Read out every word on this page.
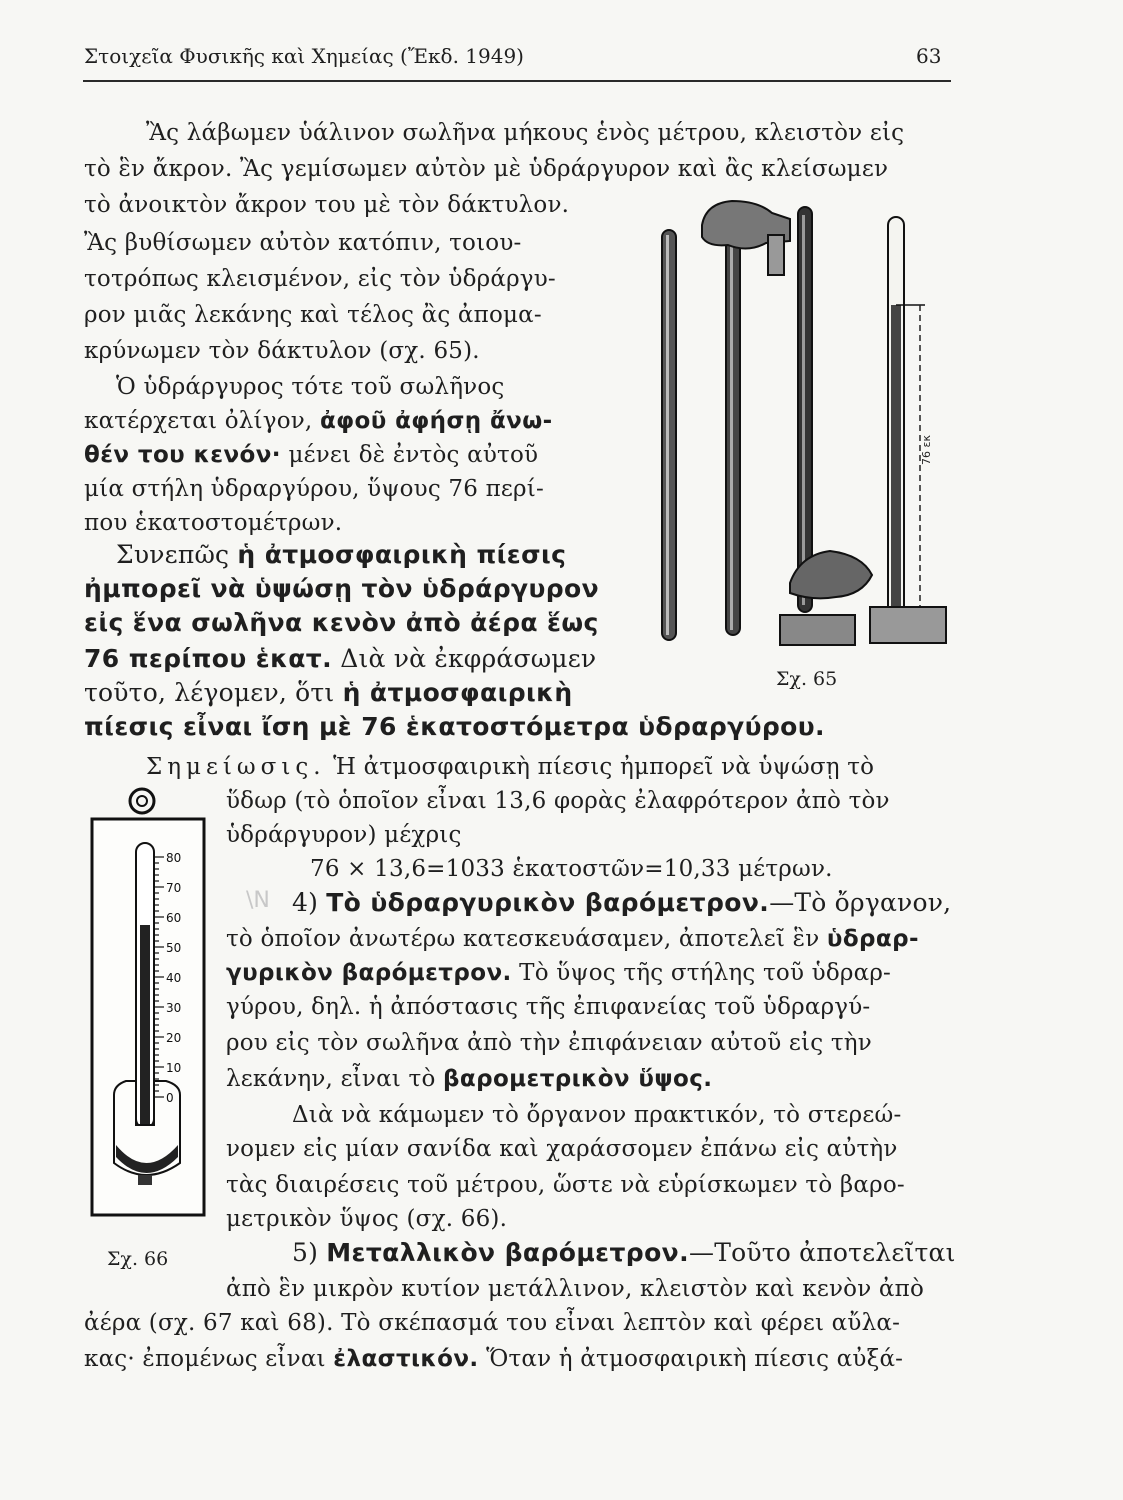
Στοιχεῖα Φυσικῆς καὶ Χημείας (Ἔκδ. 1949)	63
Ἂς λάβωμεν ὑάλινον σωλῆνα μήκους ἑνὸς μέτρου, κλειστὸν εἰς
τὸ ἓν ἄκρον. Ἂς γεμίσωμεν αὐτὸν μὲ ὑδράργυρον καὶ ἂς κλείσωμεν
τὸ ἀνοικτὸν ἄκρον του μὲ τὸν δάκτυλον.
Ἂς βυθίσωμεν αὐτὸν κατόπιν, τοιου-
τοτρόπως κλεισμένον, εἰς τὸν ὑδράργυ-
ρον μιᾶς λεκάνης καὶ τέλος ἂς ἀπομα-
κρύνωμεν τὸν δάκτυλον (σχ. 65).
Ὁ ὑδράργυρος τότε τοῦ σωλῆνος
κατέρχεται ὀλίγον, ἀφοῦ ἀφήσῃ ἄνω-
θέν του κενόν· μένει δὲ ἐντὸς αὐτοῦ
μία στήλη ὑδραργύρου, ὕψους 76 περί-
που ἑκατοστομέτρων.
Συνεπῶς ἡ ἀτμοσφαιρικὴ πίεσις
ἠμπορεῖ νὰ ὑψώσῃ τὸν ὑδράργυρον
εἰς ἕνα σωλῆνα κενὸν ἀπὸ ἀέρα ἕως
76 περίπου ἑκατ. Διὰ νὰ ἐκφράσωμεν
τοῦτο, λέγομεν, ὅτι ἡ ἀτμοσφαιρικὴ
πίεσις εἶναι ἴση μὲ 76 ἑκατοστόμετρα ὑδραργύρου.
Σημείωσις. Ἡ ἀτμοσφαιρικὴ πίεσις ἠμπορεῖ νὰ ὑψώσῃ τὸ
ὕδωρ (τὸ ὁποῖον εἶναι 13,6 φορὰς ἐλαφρότερον ἀπὸ τὸν
ὑδράργυρον) μέχρις
76 × 13,6=1033 ἑκατοστῶν=10,33 μέτρων.
4) Τὸ ὑδραργυρικὸν βαρόμετρον.—Τὸ ὄργανον,
τὸ ὁποῖον ἀνωτέρω κατεσκευάσαμεν, ἀποτελεῖ ἓν ὑδραρ-
γυρικὸν βαρόμετρον. Τὸ ὕψος τῆς στήλης τοῦ ὑδραρ-
γύρου, δηλ. ἡ ἀπόστασις τῆς ἐπιφανείας τοῦ ὑδραργύ-
ρου εἰς τὸν σωλῆνα ἀπὸ τὴν ἐπιφάνειαν αὐτοῦ εἰς τὴν
λεκάνην, εἶναι τὸ βαρομετρικὸν ὕψος.
Διὰ νὰ κάμωμεν τὸ ὄργανον πρακτικόν, τὸ στερεώ-
νομεν εἰς μίαν σανίδα καὶ χαράσσομεν ἐπάνω εἰς αὐτὴν
τὰς διαιρέσεις τοῦ μέτρου, ὥστε νὰ εὑρίσκωμεν τὸ βαρο-
μετρικὸν ὕψος (σχ. 66).
5) Μεταλλικὸν βαρόμετρον.—Τοῦτο ἀποτελεῖται
ἀπὸ ἓν μικρὸν κυτίον μετάλλινον, κλειστὸν καὶ κενὸν ἀπὸ
ἀέρα (σχ. 67 καὶ 68). Τὸ σκέπασμά του εἶναι λεπτὸν καὶ φέρει αὔλα-
κας· ἐπομένως εἶναι ἐλαστικόν. Ὅταν ἡ ἀτμοσφαιρικὴ πίεσις αὐξά-
76 εκ
Σχ. 65
80
70
60
50
40
30
20
10
0
Σχ. 66
\N
